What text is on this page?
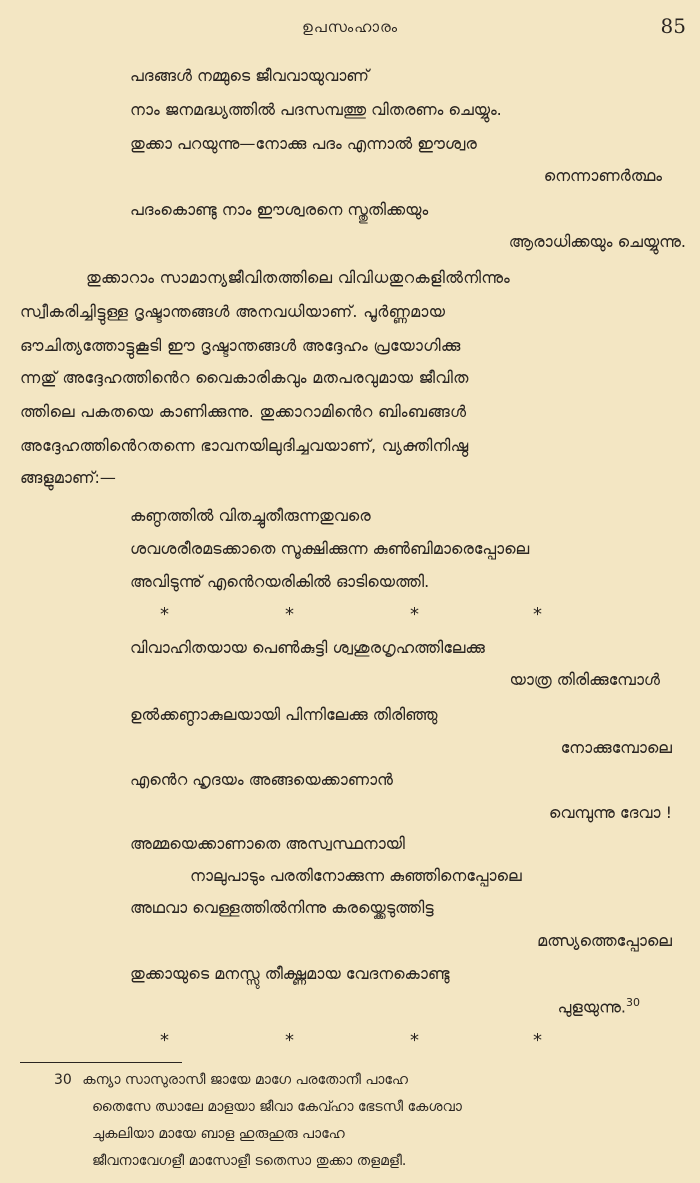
ഉപസംഹാരം	85
പദങ്ങൾ നമ്മുടെ ജീവവായുവാണ്
നാം ജനമദ്ധ്യത്തിൽ പദസമ്പത്തു വിതരണം ചെയ്യും.
തുക്കാ പറയുന്നു—നോക്കു പദം എന്നാൽ ഈശ്വര
നെന്നാണർത്ഥം
പദംകൊണ്ടു നാം ഈശ്വരനെ സ്തുതിക്കയും
ആരാധിക്കയും ചെയ്യുന്നു.
തുക്കാറാം സാമാന്യജീവിതത്തിലെ വിവിധതുറകളിൽനിന്നും
സ്വീകരിച്ചിട്ടുള്ള ദൃഷ്ടാന്തങ്ങൾ അനവധിയാണ്. പൂർണ്ണമായ
ഔചിത്യത്തോട്ടുകൂടി ഈ ദൃഷ്ടാന്തങ്ങൾ അദ്ദേഹം പ്രയോഗിക്കു
ന്നതു് അദ്ദേഹത്തിൻെറ വൈകാരികവും മതപരവുമായ ജീവിത
ത്തിലെ പകതയെ കാണിക്കുന്നു. തുക്കാറാമിൻെറ ബിംബങ്ങൾ
അദ്ദേഹത്തിൻെറതന്നെ ഭാവനയിലുദിച്ചവയാണ്, വ്യക്തിനിഷ്ഠ
ങ്ങളുമാണ്:—
കണ്ഠത്തിൽ വിതച്ചുതീരുന്നതുവരെ
ശവശരീരമടക്കാതെ സൂക്ഷിക്കുന്ന കുൺബിമാരെപ്പോലെ
അവിടുന്നു് എൻെറയരികിൽ ഓടിയെത്തി.
*	*	*	*
വിവാഹിതയായ പെൺകുട്ടി ശ്വശുരഗൃഹത്തിലേക്കു
യാത്ര തിരിക്കുമ്പോൾ
ഉൽക്കണ്ഠാകുലയായി പിന്നിലേക്കു തിരിഞ്ഞു
നോക്കുമ്പോലെ
എൻെറ ഹൃദയം അങ്ങയെക്കാണാൻ
വെമ്പുന്നു ദേവാ !
അമ്മയെക്കാണാതെ അസ്വസ്ഥനായി
നാലുപാടും പരതിനോക്കുന്ന കുഞ്ഞിനെപ്പോലെ
അഥവാ വെള്ളത്തിൽനിന്നു കരയ്ക്കെടുത്തിട്ട
മത്സ്യത്തെപ്പോലെ
തുക്കായുടെ മനസ്സു തീക്ഷ്ണമായ വേദനകൊണ്ടു
പുളയുന്നു.$^{30}$
*	*	*	*
30 കന്യാ സാസുരാസീ ജായേ മാഗേ പരതോനീ പാഹേ
തൈസേ ഝാലേ മാളയാ ജീവാ കേവ്ഹാ ഭേടസീ കേശവാ
ചുകലിയാ മായേ ബാള ഹുരുഹുരു പാഹേ
ജീവനാവേഗളീ മാസോളീ ടതെസാ തുക്കാ തളമളീ.
